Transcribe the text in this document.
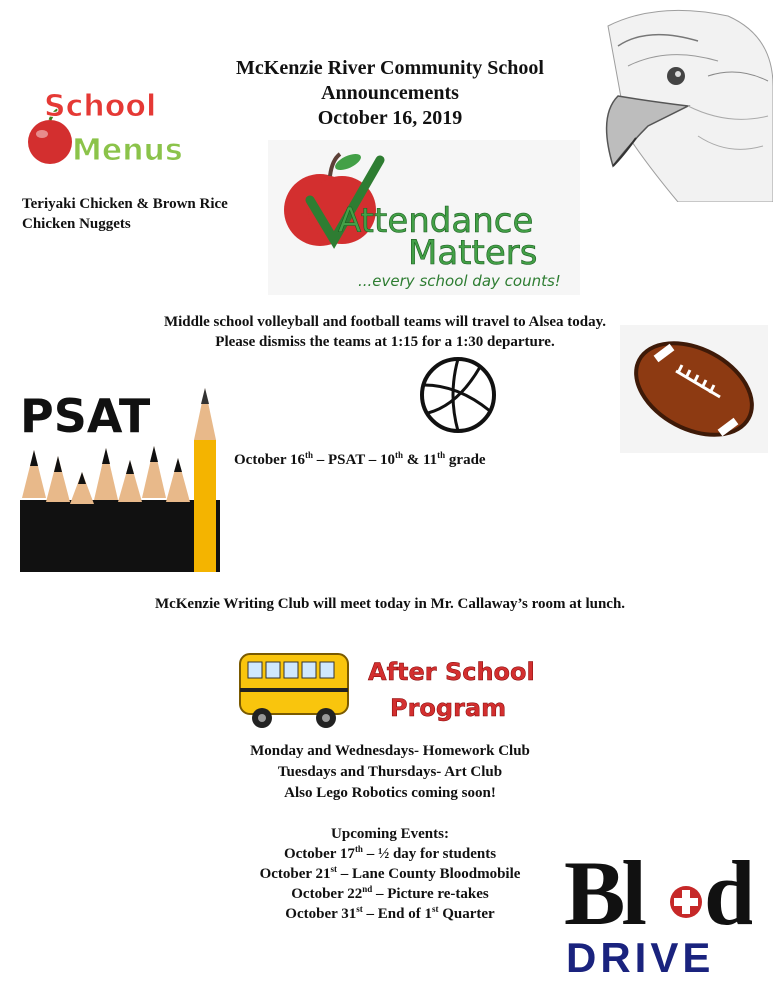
McKenzie River Community School
Announcements
October 16, 2019
School
Menus
Teriyaki Chicken & Brown Rice
Chicken Nuggets	Attendance
Matters
...every school day counts!
Middle school volleyball and football teams will travel to Alsea today.
Please dismiss the teams at 1:15 for a 1:30 departure.
PSAT
October 16th – PSAT – 10th & 11th grade
McKenzie Writing Club will meet today in Mr. Callaway’s room at lunch.
After School
Program
Monday and Wednesdays- Homework Club
Tuesdays and Thursdays- Art Club
Also Lego Robotics coming soon!
Upcoming Events:
October 17th – ½ day for students
October 21st – Lane County Bloodmobile
October 22nd – Picture re-takes
October 31st – End of 1st Quarter Bl d
DRIVE
